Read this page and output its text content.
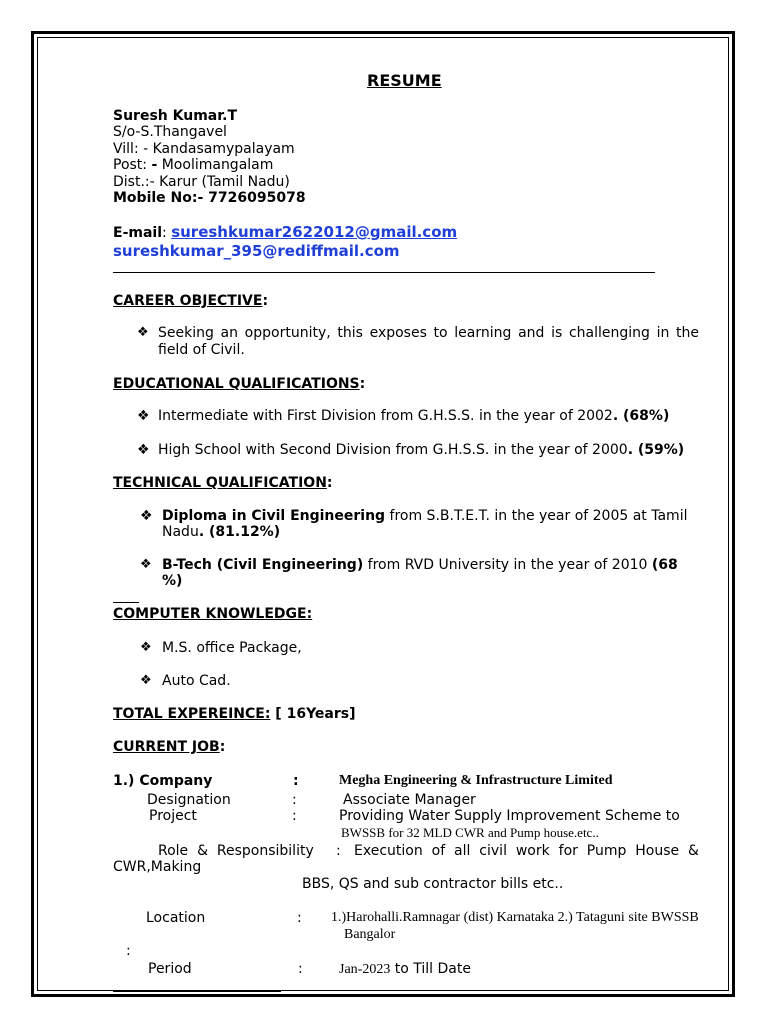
RESUME
Suresh Kumar.T
S/o-S.Thangavel
Vill: - Kandasamypalayam
Post: - Moolimangalam
Dist.:- Karur (Tamil Nadu)
Mobile No:- 7726095078
E-mail: sureshkumar2622012@gmail.com
sureshkumar_395@rediffmail.com
CAREER OBJECTIVE:
❖ Seeking an opportunity, this exposes to learning and is challenging in the field of Civil.
EDUCATIONAL QUALIFICATIONS:
❖ Intermediate with First Division from G.H.S.S. in the year of 2002. (68%)
❖ High School with Second Division from G.H.S.S. in the year of 2000. (59%)
TECHNICAL QUALIFICATION:
❖ Diploma in Civil Engineering from S.B.T.E.T. in the year of 2005 at Tamil
Nadu. (81.12%)
❖ B-Tech (Civil Engineering) from RVD University in the year of 2010 (68
%)
COMPUTER KNOWLEDGE:
❖ M.S. office Package,
❖ Auto Cad.
TOTAL EXPEREINCE: [ 16Years]
CURRENT JOB:
1.) Company	:	Megha Engineering & Infrastructure Limited
Designation	:	Associate Manager
Project	:	Providing Water Supply Improvement Scheme to
BWSSB for 32 MLD CWR and Pump house.etc..
Role  &  Responsibility     :   Execution  of  all  civil  work  for  Pump  House  &
CWR,Making
BBS, QS and sub contractor bills etc..
Location	: 1.)Harohalli.Ramnagar (dist) Karnataka 2.) Tataguni site BWSSB
Bangalor
:
Period	:	Jan-2023 to Till Date
